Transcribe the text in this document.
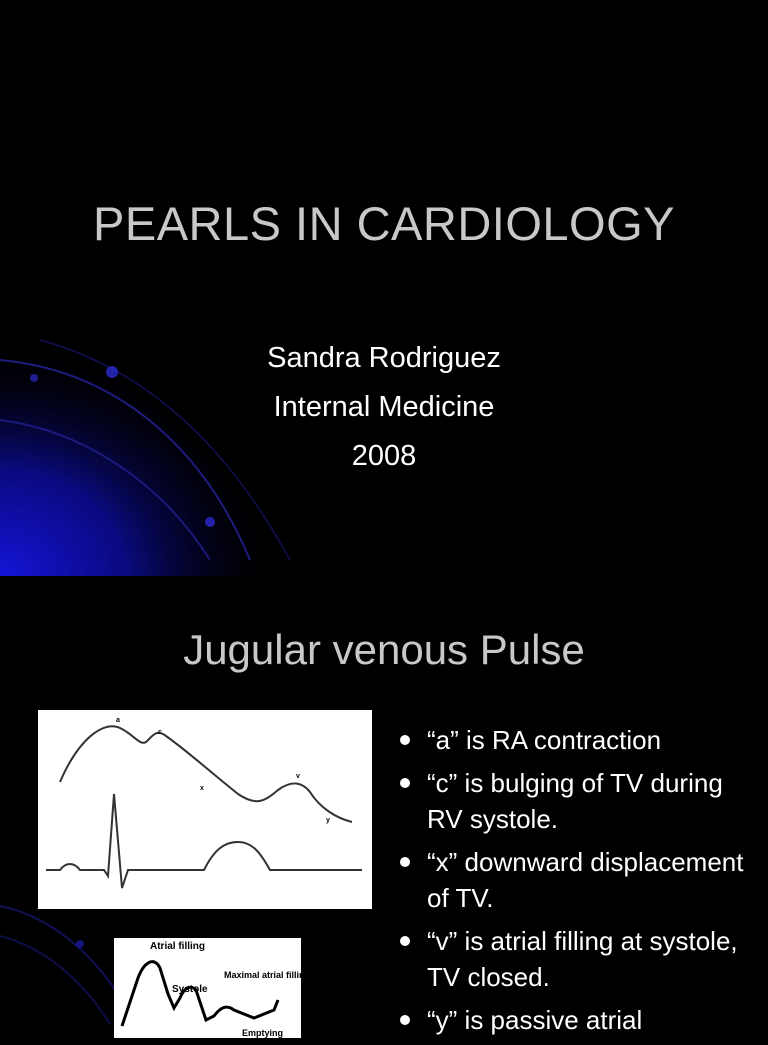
PEARLS IN CARDIOLOGY
Sandra Rodriguez
Internal Medicine
2008
Jugular venous Pulse
a
c
x
v
y
Atrial filling
Systole
Maximal atrial filling
Emptying
“a” is RA contraction
“c” is bulging of TV during RV systole.
“x” downward displacement of TV.
“v” is atrial filling at systole, TV closed.
“y” is passive atrial
